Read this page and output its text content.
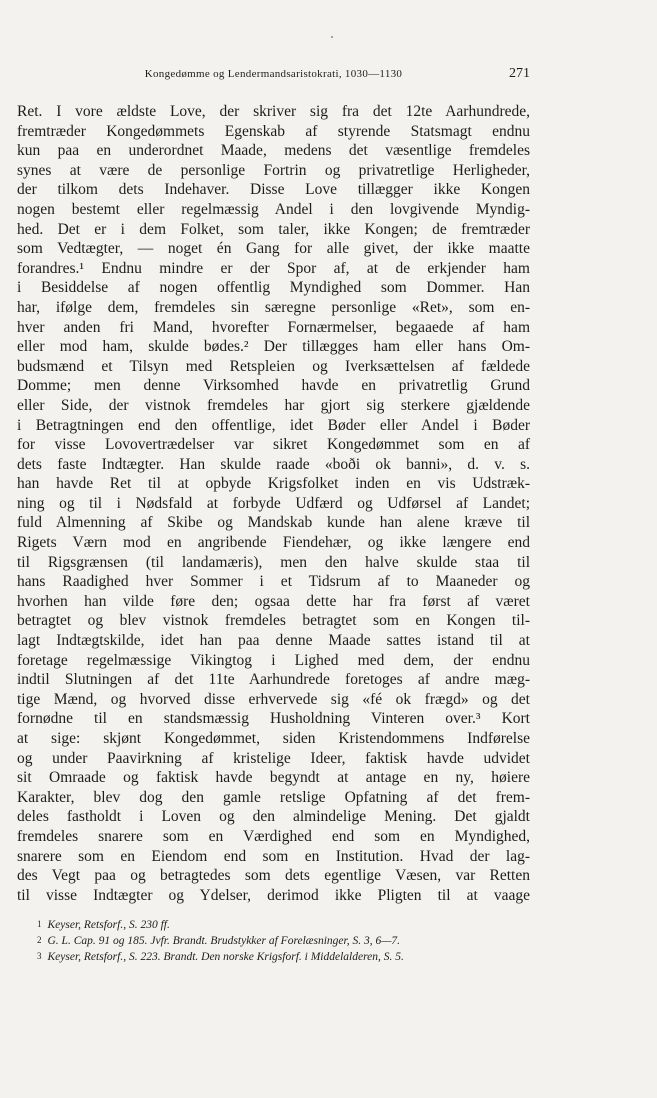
Kongedømme og Lendermandsaristokrati, 1030—1130	271
Ret. I vore ældste Love, der skriver sig fra det 12te Aarhundrede,
fremtræder Kongedømmets Egenskab af styrende Statsmagt endnu
kun paa en underordnet Maade, medens det væsentlige fremdeles
synes at være de personlige Fortrin og privatretlige Herligheder,
der tilkom dets Indehaver. Disse Love tillægger ikke Kongen
nogen bestemt eller regelmæssig Andel i den lovgivende Myndig-
hed. Det er i dem Folket, som taler, ikke Kongen; de fremtræder
som Vedtægter, — noget én Gang for alle givet, der ikke maatte
forandres.¹ Endnu mindre er der Spor af, at de erkjender ham
i Besiddelse af nogen offentlig Myndighed som Dommer. Han
har, ifølge dem, fremdeles sin særegne personlige «Ret», som en-
hver anden fri Mand, hvorefter Fornærmelser, begaaede af ham
eller mod ham, skulde bødes.² Der tillægges ham eller hans Om-
budsmænd et Tilsyn med Retspleien og Iverksættelsen af fældede
Domme; men denne Virksomhed havde en privatretlig Grund
eller Side, der vistnok fremdeles har gjort sig sterkere gjældende
i Betragtningen end den offentlige, idet Bøder eller Andel i Bøder
for visse Lovovertrædelser var sikret Kongedømmet som en af
dets faste Indtægter. Han skulde raade «boði ok banni», d. v. s.
han havde Ret til at opbyde Krigsfolket inden en vis Udstræk-
ning og til i Nødsfald at forbyde Udfærd og Udførsel af Landet;
fuld Almenning af Skibe og Mandskab kunde han alene kræve til
Rigets Værn mod en angribende Fiendehær, og ikke længere end
til Rigsgrænsen (til landamæris), men den halve skulde staa til
hans Raadighed hver Sommer i et Tidsrum af to Maaneder og
hvorhen han vilde føre den; ogsaa dette har fra først af været
betragtet og blev vistnok fremdeles betragtet som en Kongen til-
lagt Indtægtskilde, idet han paa denne Maade sattes istand til at
foretage regelmæssige Vikingtog i Lighed med dem, der endnu
indtil Slutningen af det 11te Aarhundrede foretoges af andre mæg-
tige Mænd, og hvorved disse erhvervede sig «fé ok frægd» og det
fornødne til en standsmæssig Husholdning Vinteren over.³ Kort
at sige: skjønt Kongedømmet, siden Kristendommens Indførelse
og under Paavirkning af kristelige Ideer, faktisk havde udvidet
sit Omraade og faktisk havde begyndt at antage en ny, høiere
Karakter, blev dog den gamle retslige Opfatning af det frem-
deles fastholdt i Loven og den almindelige Mening. Det gjaldt
fremdeles snarere som en Værdighed end som en Myndighed,
snarere som en Eiendom end som en Institution. Hvad der lag-
des Vegt paa og betragtedes som dets egentlige Væsen, var Retten
til visse Indtægter og Ydelser, derimod ikke Pligten til at vaage
1 Keyser, Retsforf., S. 230 ff.
2 G. L. Cap. 91 og 185. Jvfr. Brandt. Brudstykker af Forelæsninger, S. 3, 6—7.
3 Keyser, Retsforf., S. 223. Brandt. Den norske Krigsforf. i Middelalderen, S. 5.
